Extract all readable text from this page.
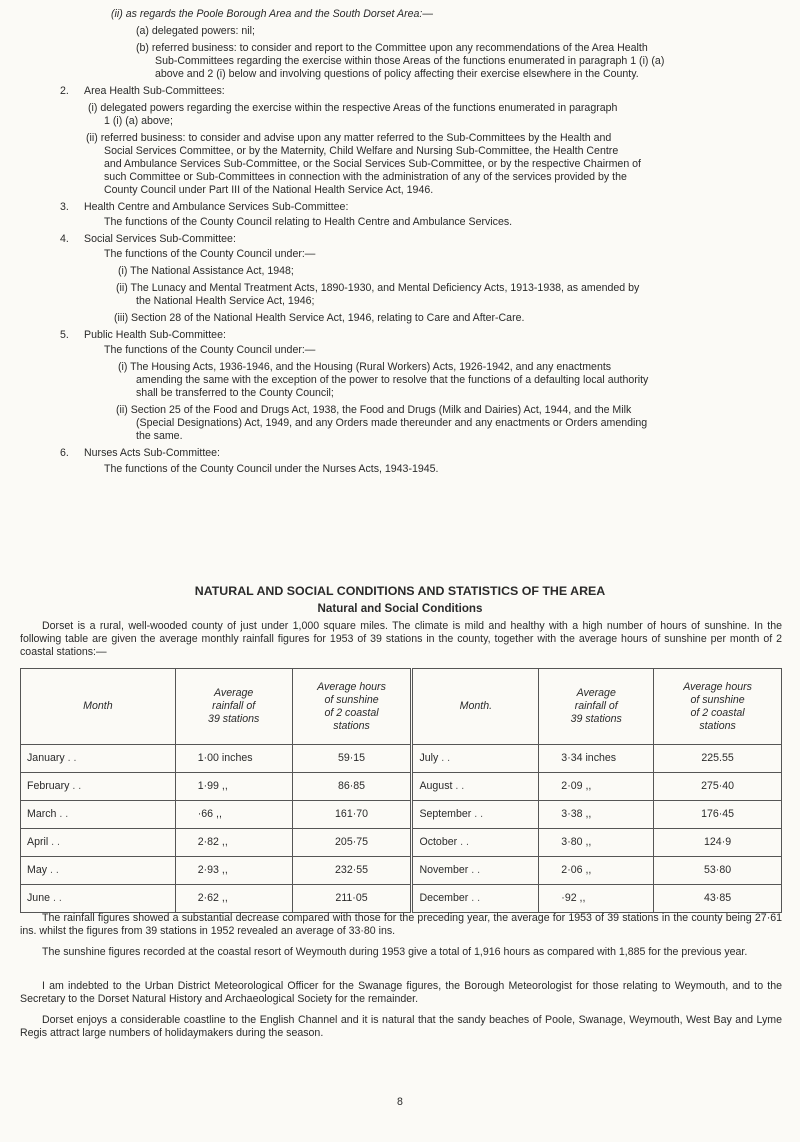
(ii) as regards the Poole Borough Area and the South Dorset Area:—
(a) delegated powers: nil;
(b) referred business: to consider and report to the Committee upon any recommendations of the Area Health
Sub-Committees regarding the exercise within those Areas of the functions enumerated in paragraph 1 (i) (a)
above and 2 (i) below and involving questions of policy affecting their exercise elsewhere in the County.
2. Area Health Sub-Committees:
(i) delegated powers regarding the exercise within the respective Areas of the functions enumerated in paragraph
1 (i) (a) above;
(ii) referred business: to consider and advise upon any matter referred to the Sub-Committees by the Health and
Social Services Committee, or by the Maternity, Child Welfare and Nursing Sub-Committee, the Health Centre
and Ambulance Services Sub-Committee, or the Social Services Sub-Committee, or by the respective Chairmen of
such Committee or Sub-Committees in connection with the administration of any of the services provided by the
County Council under Part III of the National Health Service Act, 1946.
3. Health Centre and Ambulance Services Sub-Committee:
The functions of the County Council relating to Health Centre and Ambulance Services.
4. Social Services Sub-Committee:
The functions of the County Council under:—
(i) The National Assistance Act, 1948;
(ii) The Lunacy and Mental Treatment Acts, 1890-1930, and Mental Deficiency Acts, 1913-1938, as amended by
the National Health Service Act, 1946;
(iii) Section 28 of the National Health Service Act, 1946, relating to Care and After-Care.
5. Public Health Sub-Committee:
The functions of the County Council under:—
(i) The Housing Acts, 1936-1946, and the Housing (Rural Workers) Acts, 1926-1942, and any enactments
amending the same with the exception of the power to resolve that the functions of a defaulting local authority
shall be transferred to the County Council;
(ii) Section 25 of the Food and Drugs Act, 1938, the Food and Drugs (Milk and Dairies) Act, 1944, and the Milk
(Special Designations) Act, 1949, and any Orders made thereunder and any enactments or Orders amending
the same.
6. Nurses Acts Sub-Committee:
The functions of the County Council under the Nurses Acts, 1943-1945.
NATURAL AND SOCIAL CONDITIONS AND STATISTICS OF THE AREA
Natural and Social Conditions
Dorset is a rural, well-wooded county of just under 1,000 square miles. The climate is mild and healthy with a high number of hours of sunshine. In the following table are given the average monthly rainfall figures for 1953 of 39 stations in the county, together with the average hours of sunshine per month of 2 coastal stations:—
Month	Average
rainfall of
39 stations	Average hours
of sunshine
of 2 coastal
stations	Month.	Average
rainfall of
39 stations	Average hours
of sunshine
of 2 coastal
stations
January . .	1·00 inches	59·15	July . .	3·34 inches	225.55
February . .	1·99 ,,	86·85	August . .	2·09 ,,	275·40
March . .	·66 ,,	161·70	September . .	3·38 ,,	176·45
April . .	2·82 ,,	205·75	October . .	3·80 ,,	124·9
May . .	2·93 ,,	232·55	November . .	2·06 ,,	53·80
June . .	2·62 ,,	211·05	December . .	·92 ,,	43·85
The rainfall figures showed a substantial decrease compared with those for the preceding year, the average for 1953 of 39 stations in the county being 27·61 ins. whilst the figures from 39 stations in 1952 revealed an average of 33·80 ins.
The sunshine figures recorded at the coastal resort of Weymouth during 1953 give a total of 1,916 hours as compared with 1,885 for the previous year.
I am indebted to the Urban District Meteorological Officer for the Swanage figures, the Borough Meteorologist for those relating to Weymouth, and to the Secretary to the Dorset Natural History and Archaeological Society for the remainder.
Dorset enjoys a considerable coastline to the English Channel and it is natural that the sandy beaches of Poole, Swanage, Weymouth, West Bay and Lyme Regis attract large numbers of holidaymakers during the season.
8
